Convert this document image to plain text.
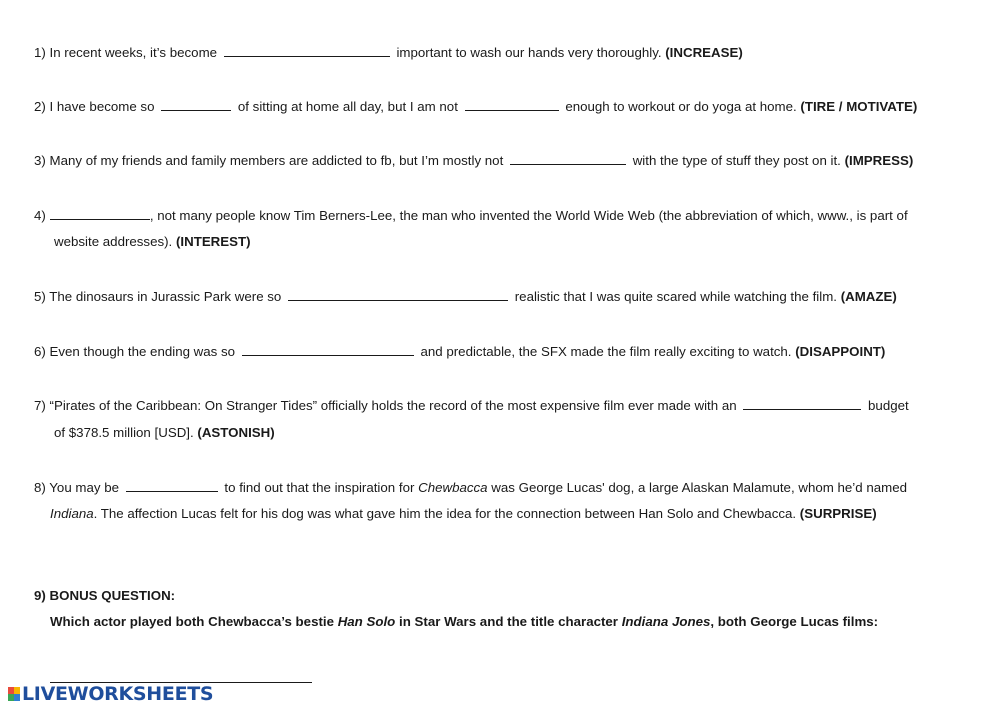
1) In recent weeks, it’s become	important to wash our hands very thoroughly. (INCREASE)
2) I have become so	of sitting at home all day, but I am not	enough to workout or do yoga at home. (TIRE / MOTIVATE)
3) Many of my friends and family members are addicted to fb, but I’m mostly not	with the type of stuff they post on it. (IMPRESS)
4)	, not many people know Tim Berners-Lee, the man who invented the World Wide Web (the abbreviation of which, www., is part of
website addresses). (INTEREST)
5) The dinosaurs in Jurassic Park were so	realistic that I was quite scared while watching the film. (AMAZE)
6) Even though the ending was so	and predictable, the SFX made the film really exciting to watch. (DISAPPOINT)
7) “Pirates of the Caribbean: On Stranger Tides” officially holds the record of the most expensive film ever made with an	budget
of $378.5 million [USD]. (ASTONISH)
8) You may be	to find out that the inspiration for Chewbacca was George Lucas' dog, a large Alaskan Malamute, whom he’d named
Indiana. The affection Lucas felt for his dog was what gave him the idea for the connection between Han Solo and Chewbacca. (SURPRISE)
9) BONUS QUESTION:
Which actor played both Chewbacca’s bestie Han Solo in Star Wars and the title character Indiana Jones, both George Lucas films:
LIVEWORKSHEETS
